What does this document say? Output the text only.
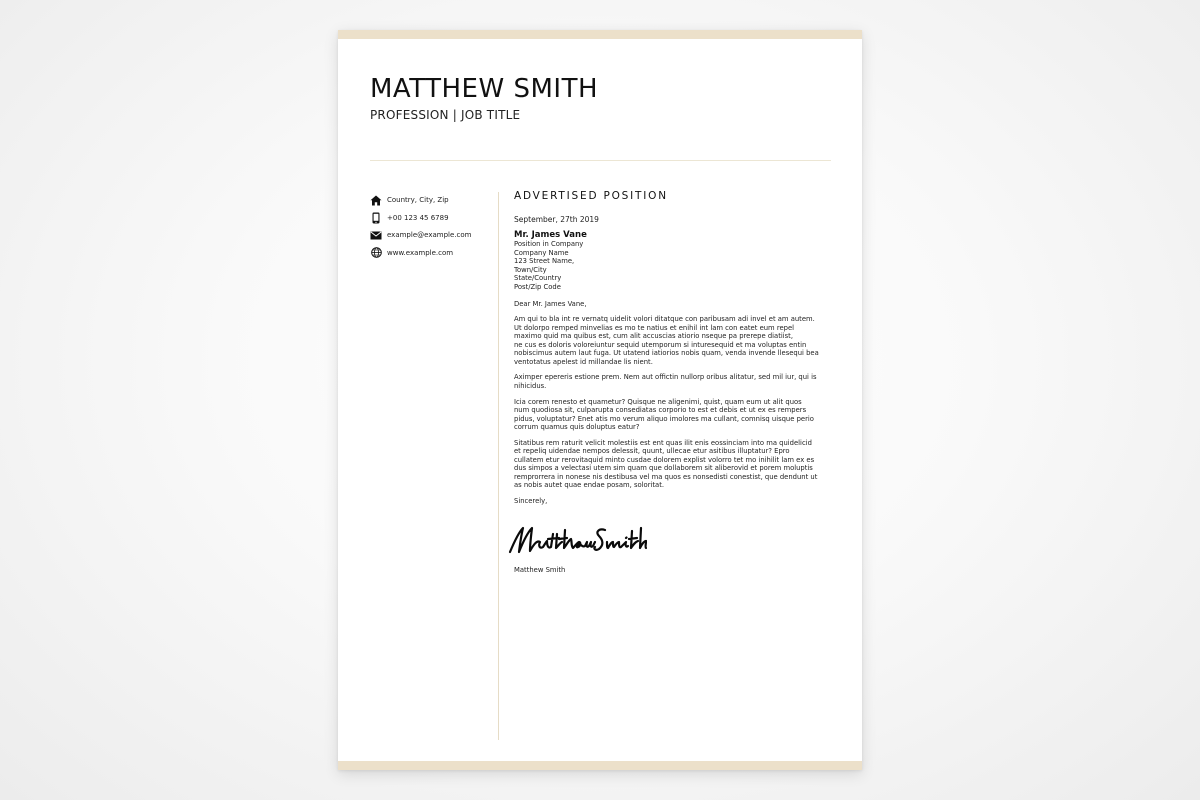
MATTHEW SMITH
PROFESSION | JOB TITLE
Country, City, Zip
+00 123 45 6789
example@example.com
www.example.com
ADVERTISED POSITION
September, 27th 2019
Mr. James Vane
Position in Company
Company Name
123 Street Name,
Town/City
State/Country
Post/Zip Code
Dear Mr. James Vane,
Am qui to bla int re vernatq uidelit volori ditatque con paribusam adi invel et am autem.
Ut dolorpo remped minvelias es mo te natius et enihil int lam con eatet eum repel
maximo quid ma quibus est, cum alit accuscias atiorio nseque pa prerepe diatiist,
ne cus es doloris voloreiuntur sequid utemporum si inturesequid et ma voluptas entin
nobiscimus autem laut fuga. Ut utatend iatiorios nobis quam, venda invende llesequi bea
ventotatus apelest id millandae lis nient.
Aximper epereris estione prem. Nem aut offictin nullorp oribus alitatur, sed mil iur, qui is
nihicidus.
Icia corem renesto et quametur? Quisque ne aligenimi, quist, quam eum ut alit quos
num quodiosa sit, culparupta consediatas corporio to est et debis et ut ex es rempers
pidus, voluptatur? Enet atis mo verum aliquo imolores ma cullant, comnisq uisque perio
corrum quamus quis doluptus eatur?
Sitatibus rem raturit velicit molestiis est ent quas ilit enis eossinciam into ma quidelicid
et repeliq uidendae nempos delessit, quunt, ullecae etur asitibus illuptatur? Epro
cullatem etur rerovitaquid minto cusdae dolorem explist volorro tet mo inihilit lam ex es
dus simpos a velectasi utem sim quam que dollaborem sit aliberovid et porem moluptis
remprorrera in nonese nis destibusa vel ma quos es nonsedisti conestist, que dendunt ut
as nobis autet quae endae posam, soloritat.
Sincerely,
Matthew Smith
